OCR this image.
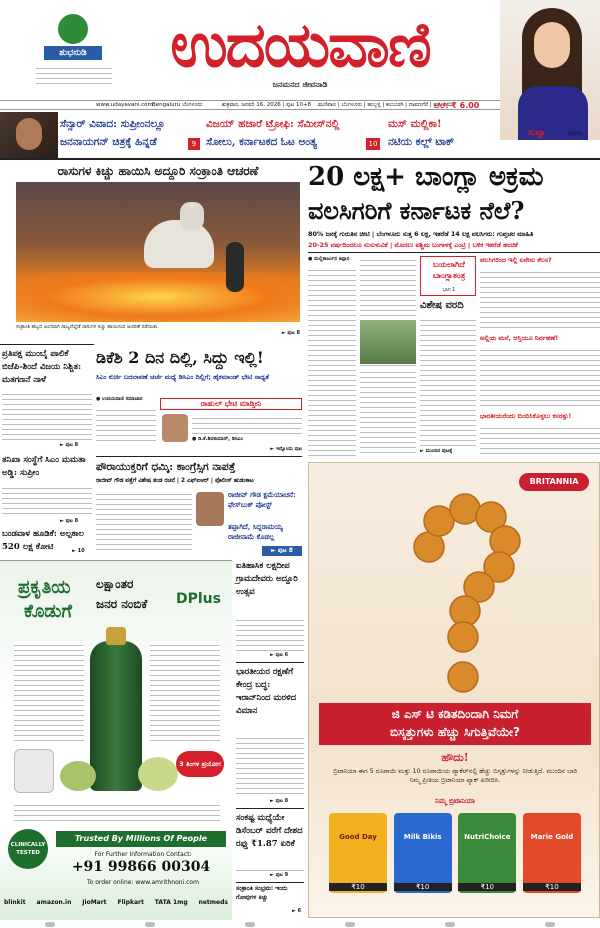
ಶುಭನುಡಿ	ಉದಯವಾಣಿ
ಜನಮನದ ಜೀವನಾಡಿ
www.udayavani.com Bengaluru ಬೆಂಗಳೂರು	ಶುಕ್ರವಾರ, ಜನವರಿ 16, 2026 | ಪುಟ 10+8 ಮಣಿಪಾಲ | ಬೆಂಗಳೂರು | ಹುಬ್ಬಳ್ಳಿ | ಕಲಬುರಗಿ | ದಾವಣಗೆರೆ | ಮುಂಬಯಿ
ಬೆಲೆ: ₹ 6.00
ಸೆನ್ಸಾರ್ ವಿವಾದ: ಸುಪ್ರೀಂನಲ್ಲೂ
ಜನನಾಯಗನ್‌ ಚಿತ್ರಕ್ಕೆ ಹಿನ್ನಡೆ	9
ವಿಜಯ್ ಹಜಾರೆ ಟ್ರೋಫಿ: ಸೆಮೀಸ್‌ನಲ್ಲಿ
ಸೋಲು, ಕರ್ನಾಟಕದ ಓಟ ಅಂತ್ಯ	10
ಮಸ್ ಮಲ್ಲಿಕಾ!
ನಟಿಯ ಕಲ್ಲ್‌ ಟಾಕ್
ಸುಟ್ಟಾ	ನೋಡಿ...
ರಾಸುಗಳ ಕಿಚ್ಚು ಹಾಯಿಸಿ ಅದ್ದೂರಿ ಸಂಕ್ರಾಂತಿ ಆಚರಣೆ
ಸಂಕ್ರಾಂತಿ ಹಬ್ಬದ ಅಂಗವಾಗಿ ರಾಜ್ಯದೆಲ್ಲೆಡೆ ರಾಸುಗಳ ಕಿಚ್ಚು ಹಾಯಿಸುವ ಆಚರಣೆ ನಡೆಯಿತು.
► ಪುಟ 8
20 ಲಕ್ಷ+ ಬಾಂಗ್ಲಾ ಅಕ್ರಮ
ವಲಸಿಗರಿಗೆ ಕರ್ನಾಟಕ ನೆಲೆ?
80% ಜನಕ್ಕೆ ಗುರುತಿನ ಚೀಟಿ | ಬೆಂಗಳೂರು ಸುತ್ತ 6 ಲಕ್ಷ, ಇತರೆಡೆ 14 ಲಕ್ಷ ವಲಸಿಗರು: ಗುಪ್ತಚರ ಮಾಹಿತಿ
20-25 ವರ್ಷದಿಂದಲೂ ನುಸುಳುವಿಕೆ | ಮೊದಲು ಪಶ್ಚಿಮ ಬಂಗಾಳಕ್ಕೆ ಎಂಟ್ರಿ | ಬಳಿಕ ಇತರೆಡೆ ಹಂಚಿಕೆ
● ಮಲ್ಲಿಕಾರ್ಜುನ ತಿಪ್ಪಾರ
ಬಯಲಾಗಿದೆ ಬಾಂಗ್ಲಾತಂತ್ರ
ಭಾಗ 1
ವಿಶೇಷ ವರದಿ
► ಮುಂದಿನ ಪುಟಕ್ಕೆ
ವಲಸಿಗರಿಂದ ಇಲ್ಲಿ ಏನೇನು ಕೆಲಸ?
ಅಲ್ಲಿಯ ಮನೆ, ಆಸ್ತಿಯೂ ನಿರ್ವಹಣೆ!
ಭಾರತೀಯರೆಂದು ಬಿಂಬಿಸಿಕೊಳ್ಳಲು ಕಸರತ್ತು!
ಪ್ರತಿಪಕ್ಷ ಮುಂಬೈ ಪಾಲಿಕೆ ಬಿಜೆಪಿ-ಶಿಂದೆ ವಿಜಯ ನಿಶ್ಚಿತ: ಮತಗಣನೆ ನಾಳೆ
► ಪುಟ 8
ತನಿಖಾ ಸಂಸ್ಥೆಗೆ ಸಿಎಂ ಮಮತಾ ಅಡ್ಡಿ: ಸುಪ್ರೀಂ
► ಪುಟ 8
ಬಂಡವಾಳ ಹೂಡಿಕೆ: ಅಲ್ಪಕಾಲ 520 ಲಕ್ಷ ಕೋಟಿ	► 10
ಡಿಕೆಶಿ 2 ದಿನ ದಿಲ್ಲಿ, ಸಿದ್ದು ಇಲ್ಲಿ!
ಸಿಎಂ ಕುರ್ಚಿ ಬದಲಾವಣೆ ಚರ್ಚೆ ಮಧ್ಯೆ ಡಿಸಿಎಂ ದಿಲ್ಲಿಗೆ; ಹೈಕಮಾಂಡ್ ಭೇಟಿ ಸಾಧ್ಯತೆ
● ಉದಯವಾಣಿ ಸಮಾಚಾರ	ರಾಹುಲ್ ಭೇಟಿ ಮಾಡ್ತೀನಿ
● ಡಿ.ಕೆ.ಶಿವಕುಮಾರ್, ಡಿಸಿಎಂ
► ಇನ್ನೊಂದು ಪುಟ
ಪೌರಾಯುಕ್ತರಿಗೆ ಧಮ್ಕಿ: ಕಾಂಗ್ರೆಸ್ಸಿಗ ನಾಪತ್ತೆ
ರಾಜೀವ್ ಗೌಡ ಪತ್ತೆಗೆ ವಿಶೇಷ ತಂಡ ರಚನೆ | 2 ಎಫ್‌ಐಆರ್ | ಪೊಲೀಸ್ ಹುಡುಕಾಟ
ರಾಜೀವ್ ಗೌಡ ಕ್ಷಮೆಯಾಚನೆ: ಫೇಸ್‌ಬುಕ್ ಪೋಸ್ಟ್
ತಪ್ಪಾಗಿದೆ, ಸಿದ್ದರಾಮಯ್ಯ ರಾಜೀನಾಮೆ ಕೊಡಲ್ಲ
► ಪುಟ 8
ಪ್ರಕೃತಿಯ
ಕೊಡುಗೆ
ಲಕ್ಷಾಂತರ
ಜನರ ನಂಬಿಕೆ	DPlus
3 ತಿಂಗಳ ಪ್ರಯೋಗ
CLINICALLY TESTED
Trusted By Millions Of People
For Further Information Contact:
+91 99866 00304
To order online: www.amrithnoni.com
blinkit amazon.in JioMart Flipkart TATA 1mg netmeds
ಐತಿಹಾಸಿಕ ಲಕ್ಷದೀಪ ಗ್ರಾಮದೇವರು ಅದ್ದೂರಿ ಉತ್ಸವ
► ಪುಟ 6
ಭಾರತೀಯರ ರಕ್ಷಣೆಗೆ ಕೇಂದ್ರ ಬದ್ಧ: ಇರಾನ್‌ನಿಂದ ಮರಳಿದ ವಿಮಾನ
► ಪುಟ 8
ಸಂಕಷ್ಟ ಮಧ್ಯೆಯೇ ಡಿಸೆಂಬರ್ ವರೆಗೆ ದೇಶದ ರಫ್ತು ₹1.87 ಏರಿಕೆ
► ಪುಟ 9
ಸಂಕ್ರಾಂತಿ ಸಂಭ್ರಮ: ಇಂದು ಗೋವುಗಳ ಕಿಚ್ಚು
► 6
BRITANNIA
ಜಿ ಎಸ್ ಟಿ ಕಡಿತದಿಂದಾಗಿ ನಿಮಗೆ
ಬಿಸ್ಕತ್ತುಗಳು ಹೆಚ್ಚು ಸಿಗುತ್ತಿವೆಯೇ?
ಹೌದು!
ಬ್ರಿಟಾನಿಯಾ ಈಗ 5 ರೂಪಾಯಿ ಮತ್ತು 10 ರೂಪಾಯಿಯ ಪ್ಯಾಕೆಟ್‌ನಲ್ಲಿ ಹೆಚ್ಚು ಬಿಸ್ಕತ್ತುಗಳನ್ನು ನೀಡುತ್ತಿದೆ. ಮುಂದಿನ ಬಾರಿ ನಿಮ್ಮ ಪ್ರೀತಿಯ ಬ್ರಿಟಾನಿಯಾ ಪ್ಯಾಕ್ ಖರೀದಿಸಿ.
ನಿಮ್ಮ ಬ್ರಿಟಾನಿಯಾ
Good Day
₹10
Milk Bikis
₹10
NutriChoice
₹10
Marie Gold
₹10
